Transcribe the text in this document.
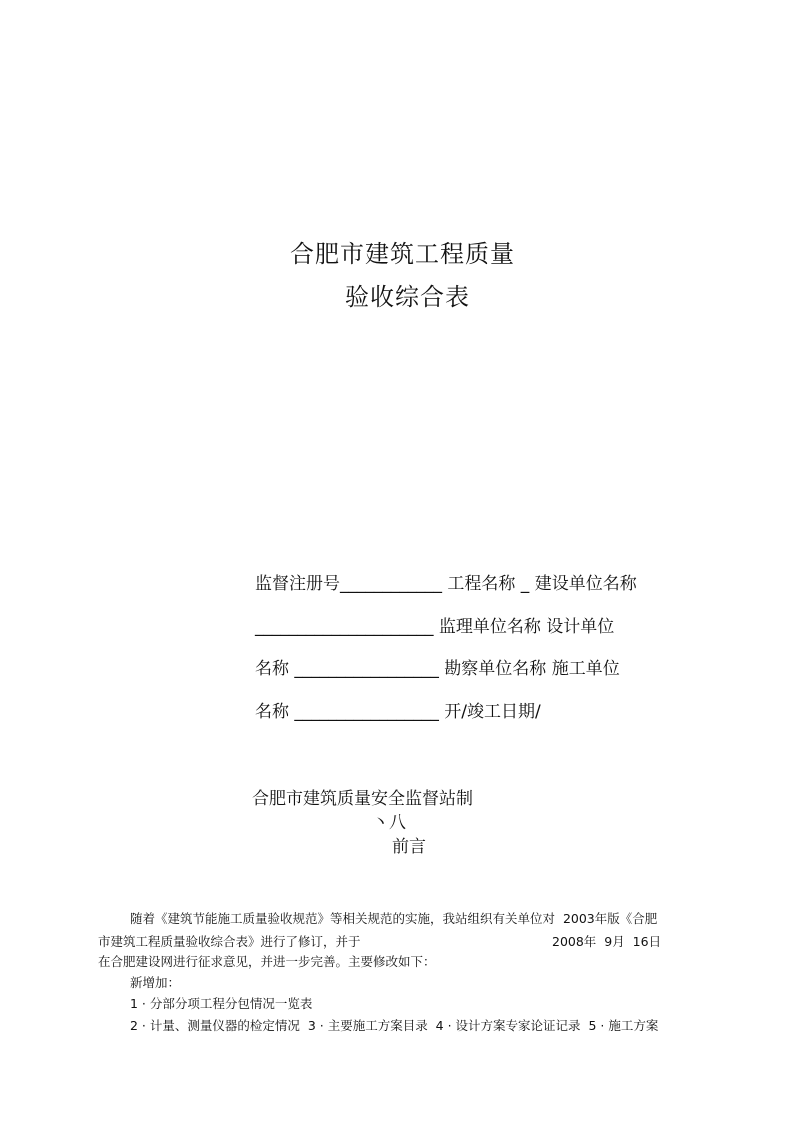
合肥市建筑工程质量
验收综合表
监督注册号____________ 工程名称 _ 建设单位名称
_____________________ 监理单位名称 设计单位
名称 _________________ 勘察单位名称 施工单位
名称 _________________ 开/竣工日期/
合肥市建筑质量安全监督站制
丶八
前言
随着《建筑节能施工质量验收规范》等相关规范的实施，我站组织有关单位对  2003年版《合肥
市建筑工程质量验收综合表》进行了修订，并于	2008年  9月  16日
在合肥建设网进行征求意见，并进一步完善。主要修改如下：
新增加：
1 · 分部分项工程分包情况一览表
2 · 计量、测量仪器的检定情况  3 · 主要施工方案目录  4 · 设计方案专家论证记录  5 · 施工方案
